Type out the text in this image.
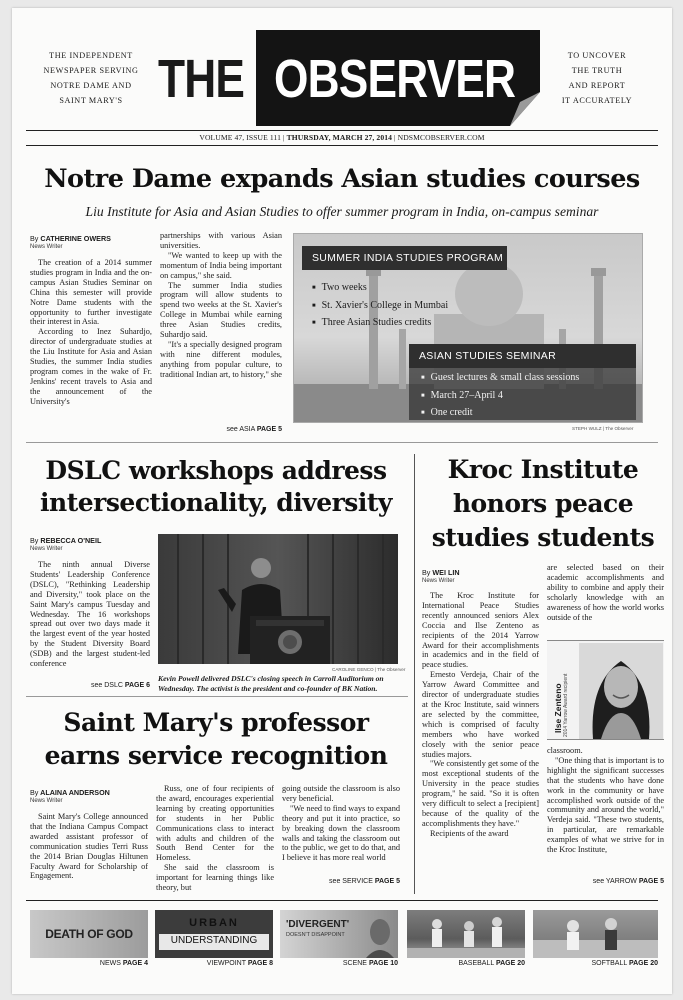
THE INDEPENDENT
NEWSPAPER SERVING
NOTRE DAME AND
SAINT MARY'S THE OBSERVER	TO UNCOVER
THE TRUTH
AND REPORT
IT ACCURATELY
VOLUME 47, ISSUE 111 | THURSDAY, MARCH 27, 2014 | NDSMCOBSERVER.COM
Notre Dame expands Asian studies courses
Liu Institute for Asia and Asian Studies to offer summer program in India, on-campus seminar
By CATHERINE OWERS
News Writer

The creation of a 2014 summer studies program in India and the on-campus Asian Studies Seminar on China this semester will provide Notre Dame students with the opportunity to further investigate their interest in Asia.

According to Inez Suhardjo, director of undergraduate studies at the Liu Institute for Asia and Asian Studies, the summer India studies program comes in the wake of Fr. Jenkins' recent travels to Asia and the announcement of the University's

partnerships with various Asian universities.

"We wanted to keep up with the momentum of India being important on campus," she said.

The summer India studies program will allow students to spend two weeks at the St. Xavier's College in Mumbai while earning three Asian Studies credits, Suhardjo said.

"It's a specially designed program with nine different modules, anything from popular culture, to traditional Indian art, to history," she

see ASIA PAGE 5
SUMMER INDIA STUDIES PROGRAM
■ Two weeks
■ St. Xavier's College in Mumbai
■ Three Asian Studies credits
ASIAN STUDIES SEMINAR
■ Guest lectures & small class sessions
■ March 27–April 4
■ One credit
STEPH WULZ | The Observer
DSLC workshops address
intersectionality, diversity
By REBECCA O'NEIL
News Writer

The ninth annual Diverse Students' Leadership Conference (DSLC), "Rethinking Leadership and Diversity," took place on the Saint Mary's campus Tuesday and Wednesday. The 16 workshops spread out over two days made it the largest event of the year hosted by the Student Diversity Board (SDB) and the largest student-led conference

see DSLC PAGE 6
CAROLINE GENCO | The Observer
Kevin Powell delivered DSLC's closing speech in Carroll Auditorium on Wednesday. The activist is the president and co-founder of BK Nation.
Kroc Institute
honors peace
studies students
By WEI LIN
News Writer

The Kroc Institute for International Peace Studies recently announced seniors Alex Coccia and Ilse Zenteno as recipients of the 2014 Yarrow Award for their accomplishments in academics and in the field of peace studies.

Ernesto Verdeja, Chair of the Yarrow Award Committee and director of undergraduate studies at the Kroc Institute, said winners are selected by the committee, which is comprised of faculty members who have worked closely with the senior peace studies majors.

"We consistently get some of the most exceptional students of the University in the peace studies program," he said. "So it is often very difficult to select a [recipient] because of the quality of the accomplishments they have."

Recipients of the award

are selected based on their academic accomplishments and ability to combine and apply their scholarly knowledge with an awareness of how the world works outside of the

Ilse Zenteno 2014 Yarrow Award recipient

classroom.

"One thing that is important is to highlight the significant successes that the students who have done work in the community or have accomplished work outside of the community and around the world," Verdeja said. "These two students, in particular, are remarkable examples of what we strive for in the Kroc Institute,

see YARROW PAGE 5
Saint Mary's professor
earns service recognition
By ALAINA ANDERSON
News Writer

Saint Mary's College announced that the Indiana Campus Compact awarded assistant professor of communication studies Terri Russ the 2014 Brian Douglas Hiltunen Faculty Award for Scholarship of Engagement.

Russ, one of four recipients of the award, encourages experiential learning by creating opportunities for students in her Public Communications class to interact with adults and children of the South Bend Center for the Homeless.

She said the classroom is important for learning things like theory, but

going outside the classroom is also very beneficial.

"We need to find ways to expand theory and put it into practice, so by breaking down the classroom walls and taking the classroom out to the public, we get to do that, and I believe it has more real world

see SERVICE PAGE 5
DEATH OF GOD
NEWS PAGE 4
URBAN
UNDERSTANDING
VIEWPOINT PAGE 8
'DIVERGENT'
DOESN'T DISAPPOINT
SCENE PAGE 10	BASEBALL PAGE 20	SOFTBALL PAGE 20
